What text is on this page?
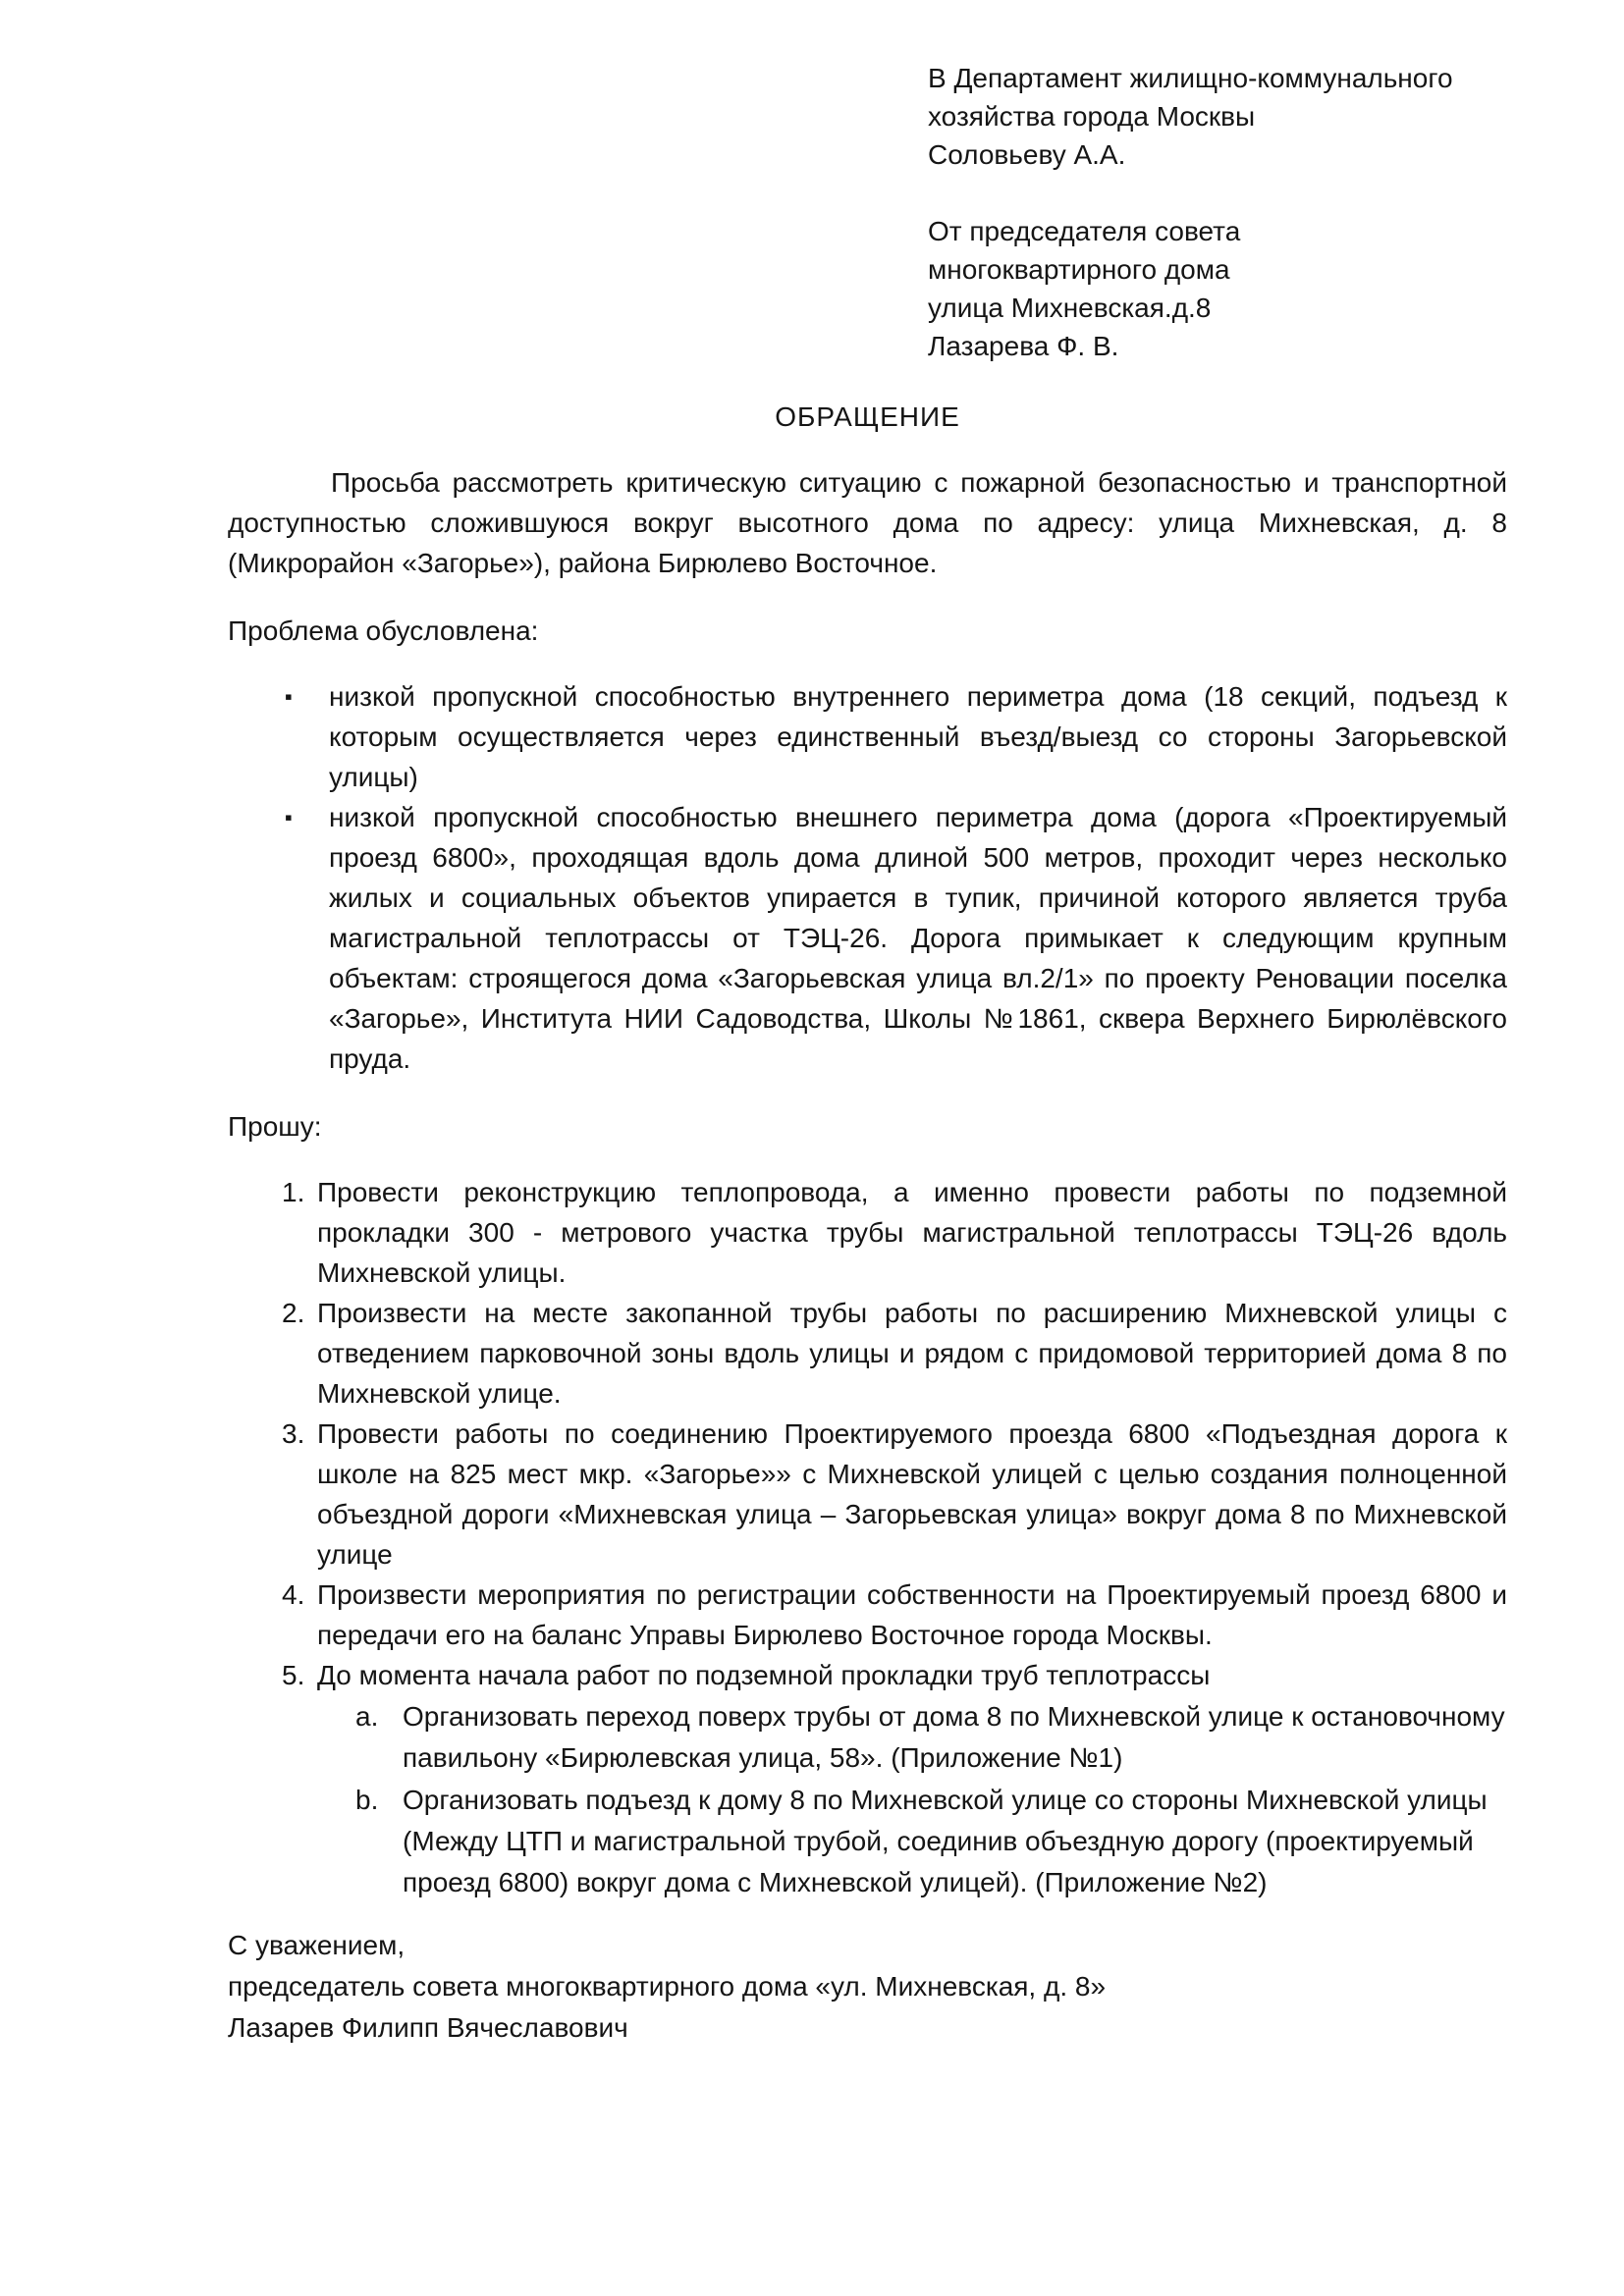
В Департамент жилищно-коммунального
хозяйства города Москвы
Соловьеву А.А.
От председателя совета
многоквартирного дома
улица Михневская.д.8
Лазарева Ф. В.
ОБРАЩЕНИЕ

Просьба рассмотреть критическую ситуацию с пожарной безопасностью и транспортной доступностью сложившуюся вокруг высотного дома по адресу: улица Михневская, д. 8 (Микрорайон «Загорье»), района Бирюлево Восточное.

Проблема обусловлена:
▪	низкой пропускной способностью внутреннего периметра дома (18 секций, подъезд к которым осуществляется через единственный въезд/выезд со стороны Загорьевской улицы)
▪	низкой пропускной способностью внешнего периметра дома (дорога «Проектируемый проезд 6800», проходящая вдоль дома длиной 500 метров, проходит через несколько жилых и социальных объектов упирается в тупик, причиной которого является труба магистральной теплотрассы от ТЭЦ-26. Дорога примыкает к следующим крупным объектам: строящегося дома «Загорьевская улица вл.2/1» по проекту Реновации поселка «Загорье», Института НИИ Садоводства, Школы №1861, сквера Верхнего Бирюлёвского пруда.
Прошу:
1. Провести реконструкцию теплопровода, а именно провести работы по подземной прокладки 300 - метрового участка трубы магистральной теплотрассы ТЭЦ-26 вдоль Михневской улицы.
2. Произвести на месте закопанной трубы работы по расширению Михневской улицы с отведением парковочной зоны вдоль улицы и рядом с придомовой территорией дома 8 по Михневской улице.
3. Провести работы по соединению Проектируемого проезда 6800 «Подъездная дорога к школе на 825 мест мкр. «Загорье»» с Михневской улицей с целью создания полноценной объездной дороги «Михневская улица – Загорьевская улица» вокруг дома 8 по Михневской улице
4. Произвести мероприятия по регистрации собственности на Проектируемый проезд 6800 и передачи его на баланс Управы Бирюлево Восточное города Москвы.
5. До момента начала работ по подземной прокладки труб теплотрассы
a. Организовать переход поверх трубы от дома 8 по Михневской улице к остановочному павильону «Бирюлевская улица, 58». (Приложение №1)
b. Организовать подъезд к дому 8 по Михневской улице со стороны Михневской улицы (Между ЦТП и магистральной трубой, соединив объездную дорогу (проектируемый проезд 6800) вокруг дома с Михневской улицей). (Приложение №2)
С уважением,
председатель совета многоквартирного дома «ул. Михневская, д. 8»
Лазарев Филипп Вячеславович
